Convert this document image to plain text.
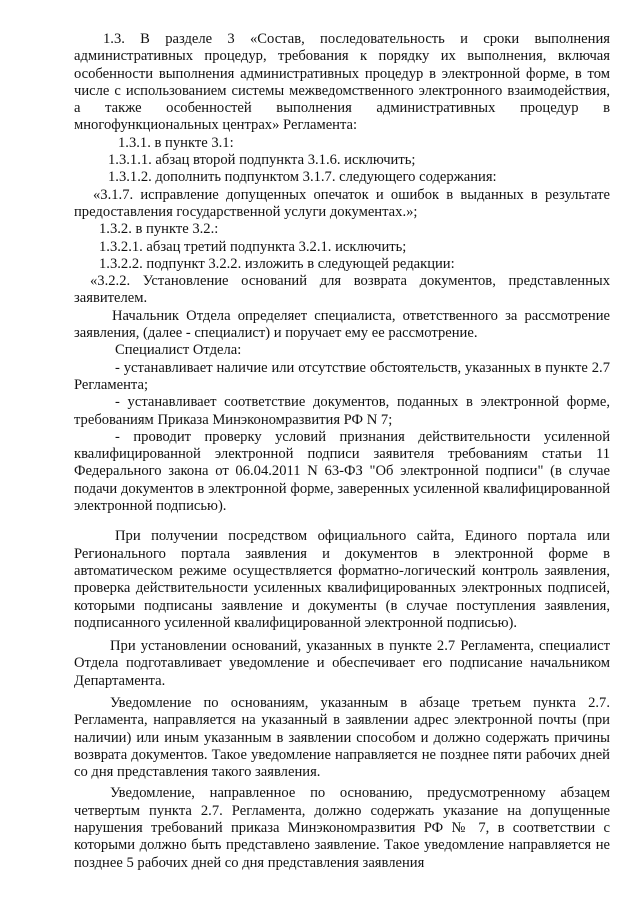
1.3. В разделе 3 «Состав, последовательность и сроки выполнения административных процедур, требования к порядку их выполнения, включая особенности выполнения административных процедур в электронной форме, в том числе с использованием системы межведомственного электронного взаимодействия, а также особенностей выполнения административных процедур в многофункциональных центрах» Регламента:

1.3.1. в пункте 3.1:

1.3.1.1. абзац второй подпункта 3.1.6. исключить;

1.3.1.2. дополнить подпунктом 3.1.7. следующего содержания:

«3.1.7. исправление допущенных опечаток и ошибок в выданных в результате предоставления государственной услуги документах.»;

1.3.2. в пункте 3.2.:

1.3.2.1. абзац третий подпункта 3.2.1. исключить;

1.3.2.2. подпункт 3.2.2. изложить в следующей редакции:

«3.2.2. Установление оснований для возврата документов, представленных заявителем.

Начальник Отдела определяет специалиста, ответственного за рассмотрение заявления, (далее - специалист) и поручает ему ее рассмотрение.

Специалист Отдела:

- устанавливает наличие или отсутствие обстоятельств, указанных в пункте 2.7 Регламента;

- устанавливает соответствие документов, поданных в электронной форме, требованиям Приказа Минэкономразвития РФ N 7;

- проводит проверку условий признания действительности усиленной квалифицированной электронной подписи заявителя требованиям статьи 11 Федерального закона от 06.04.2011 N 63-ФЗ "Об электронной подписи" (в случае подачи документов в электронной форме, заверенных усиленной квалифицированной электронной подписью).

При получении посредством официального сайта, Единого портала или Регионального портала заявления и документов в электронной форме в автоматическом режиме осуществляется форматно-логический контроль заявления, проверка действительности усиленных квалифицированных электронных подписей, которыми подписаны заявление и документы (в случае поступления заявления, подписанного усиленной квалифицированной электронной подписью).

При установлении оснований, указанных в пункте 2.7 Регламента, специалист Отдела подготавливает уведомление и обеспечивает его подписание начальником Департамента.

Уведомление по основаниям, указанным в абзаце третьем пункта 2.7. Регламента, направляется на указанный в заявлении адрес электронной почты (при наличии) или иным указанным в заявлении способом и должно содержать причины возврата документов. Такое уведомление направляется не позднее пяти рабочих дней со дня представления такого заявления.

Уведомление, направленное по основанию, предусмотренному абзацем четвертым пункта 2.7. Регламента, должно содержать указание на допущенные нарушения требований приказа Минэкономразвития РФ № 7, в соответствии с которыми должно быть представлено заявление. Такое уведомление направляется не позднее 5 рабочих дней со дня представления заявления
